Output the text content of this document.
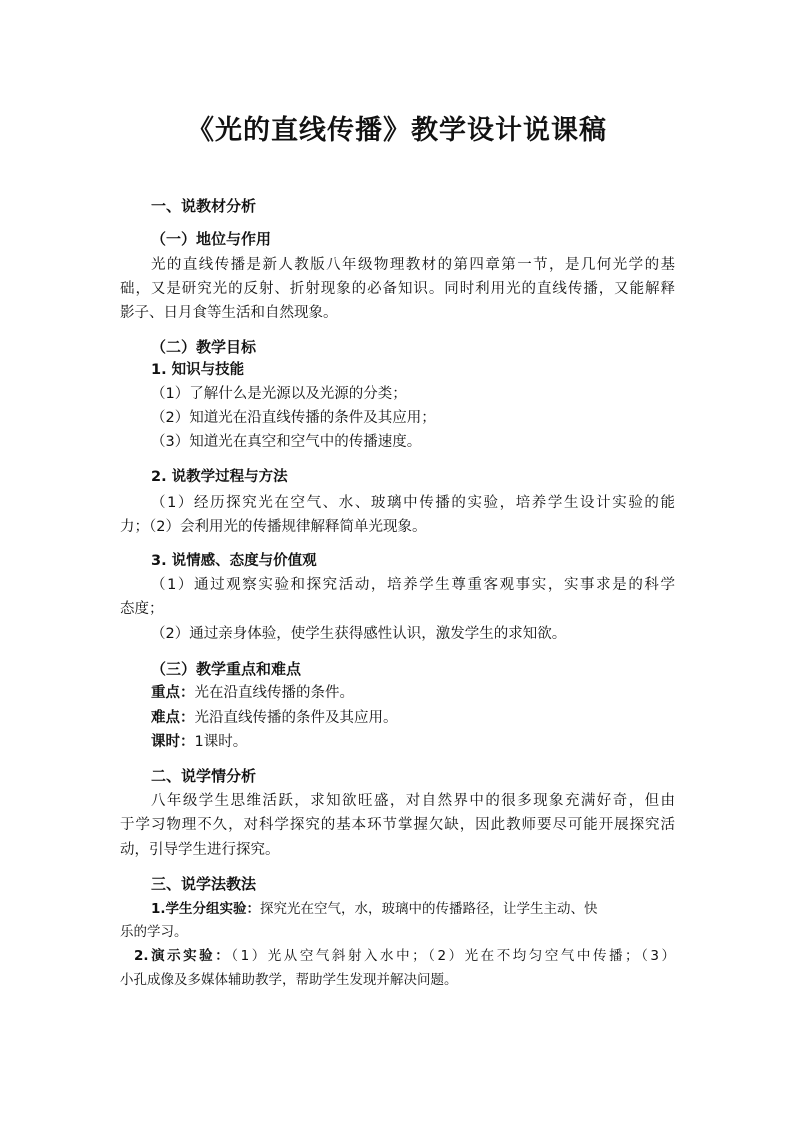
《光的直线传播》教学设计说课稿
一、说教材分析
（一）地位与作用
光的直线传播是新人教版八年级物理教材的第四章第一节，是几何光学的基
础，又是研究光的反射、折射现象的必备知识。同时利用光的直线传播，又能解释
影子、日月食等生活和自然现象。
（二）教学目标
1. 知识与技能
（1）了解什么是光源以及光源的分类；
（2）知道光在沿直线传播的条件及其应用；
（3）知道光在真空和空气中的传播速度。
2. 说教学过程与方法
（1）经历探究光在空气、水、玻璃中传播的实验，培养学生设计实验的能
力；（2）会利用光的传播规律解释简单光现象。
3. 说情感、态度与价值观
（1）通过观察实验和探究活动，培养学生尊重客观事实，实事求是的科学
态度；
（2）通过亲身体验，使学生获得感性认识，激发学生的求知欲。
（三）教学重点和难点
重点：光在沿直线传播的条件。
难点：光沿直线传播的条件及其应用。
课时：1课时。
二、说学情分析
八年级学生思维活跃，求知欲旺盛，对自然界中的很多现象充满好奇，但由
于学习物理不久，对科学探究的基本环节掌握欠缺，因此教师要尽可能开展探究活
动，引导学生进行探究。
三、说学法教法
1.学生分组实验：探究光在空气，水，玻璃中的传播路径，让学生主动、快
乐的学习。
2.演示实验：（1）光从空气斜射入水中；（2）光在不均匀空气中传播；（3）
小孔成像及多媒体辅助教学，帮助学生发现并解决问题。
